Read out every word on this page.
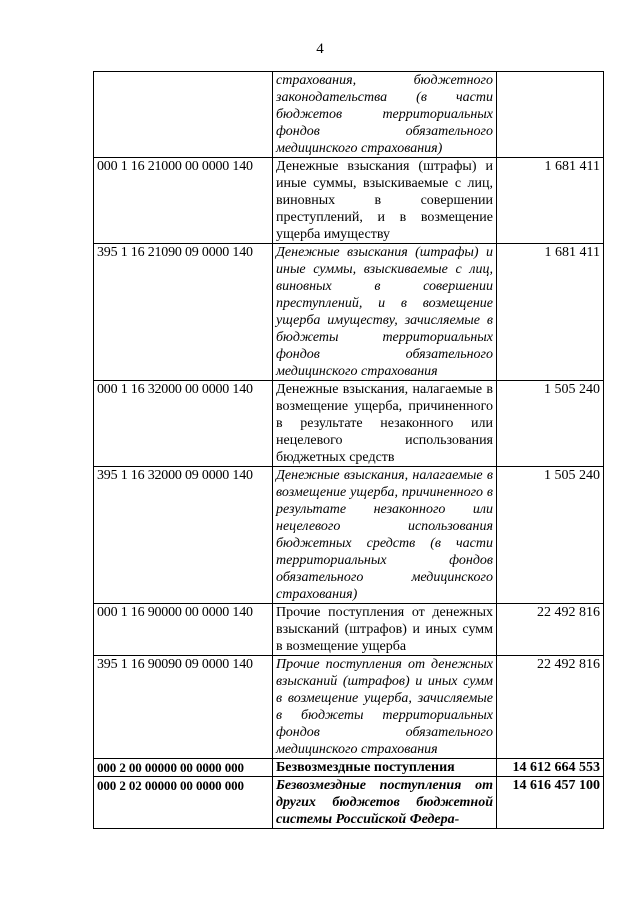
4
	страхования, бюджетного законодательства (в части бюджетов территориальных фондов обязательного медицинского страхования)	
000 1 16 21000 00 0000 140	Денежные взыскания (штрафы) и иные суммы, взыскиваемые с лиц, виновных в совершении преступлений, и в возмещение ущерба имуществу	1 681 411
395 1 16 21090 09 0000 140	Денежные взыскания (штрафы) и иные суммы, взыскиваемые с лиц, виновных в совершении преступлений, и в возмещение ущерба имуществу, зачисляемые в бюджеты территориальных фондов обязательного медицинского страхования	1 681 411
000 1 16 32000 00 0000 140	Денежные взыскания, налагаемые в возмещение ущерба, причиненного в результате незаконного или нецелевого использования бюджетных средств	1 505 240
395 1 16 32000 09 0000 140	Денежные взыскания, налагаемые в возмещение ущерба, причиненного в результате незаконного или нецелевого использования бюджетных средств (в части территориальных фондов обязательного медицинского страхования)	1 505 240
000 1 16 90000 00 0000 140	Прочие поступления от денежных взысканий (штрафов) и иных сумм в возмещение ущерба	22 492 816
395 1 16 90090 09 0000 140	Прочие поступления от денежных взысканий (штрафов) и иных сумм в возмещение ущерба, зачисляемые в бюджеты территориальных фондов обязательного медицинского страхования	22 492 816
000 2 00 00000 00 0000 000	Безвозмездные поступления	14 612 664 553
000 2 02 00000 00 0000 000	Безвозмездные поступления от других бюджетов бюджетной системы Российской Федера-	14 616 457 100
